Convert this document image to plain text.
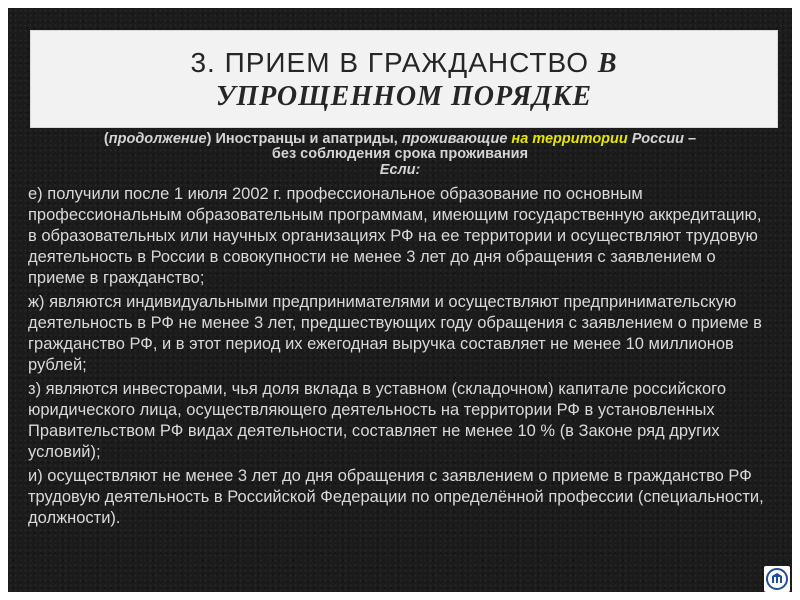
3. ПРИЕМ В ГРАЖДАНСТВО В
УПРОЩЕННОМ ПОРЯДКЕ

(продолжение) Иностранцы и апатриды, проживающие на территории России –

без соблюдения срока проживания

Если:

е) получили после 1 июля 2002 г. профессиональное образование по основным профессиональным образовательным программам, имеющим государственную аккредитацию, в образовательных или научных организациях РФ на ее территории и осуществляют трудовую деятельность в России в совокупности не менее 3 лет до дня обращения с заявлением о приеме в гражданство;

ж) являются индивидуальными предпринимателями и осуществляют предпринимательскую деятельность в РФ не менее 3 лет, предшествующих году обращения с заявлением о приеме в гражданство РФ, и в этот период их ежегодная выручка составляет не менее 10 миллионов рублей;

з) являются инвесторами, чья доля вклада в уставном (складочном) капитале российского юридического лица, осуществляющего деятельность на территории РФ в установленных Правительством РФ видах деятельности, составляет не менее 10 % (в Законе ряд других условий);

и) осуществляют не менее 3 лет до дня обращения с заявлением о приеме в гражданство РФ трудовую деятельность в Российской Федерации по определённой профессии (специальности, должности).
